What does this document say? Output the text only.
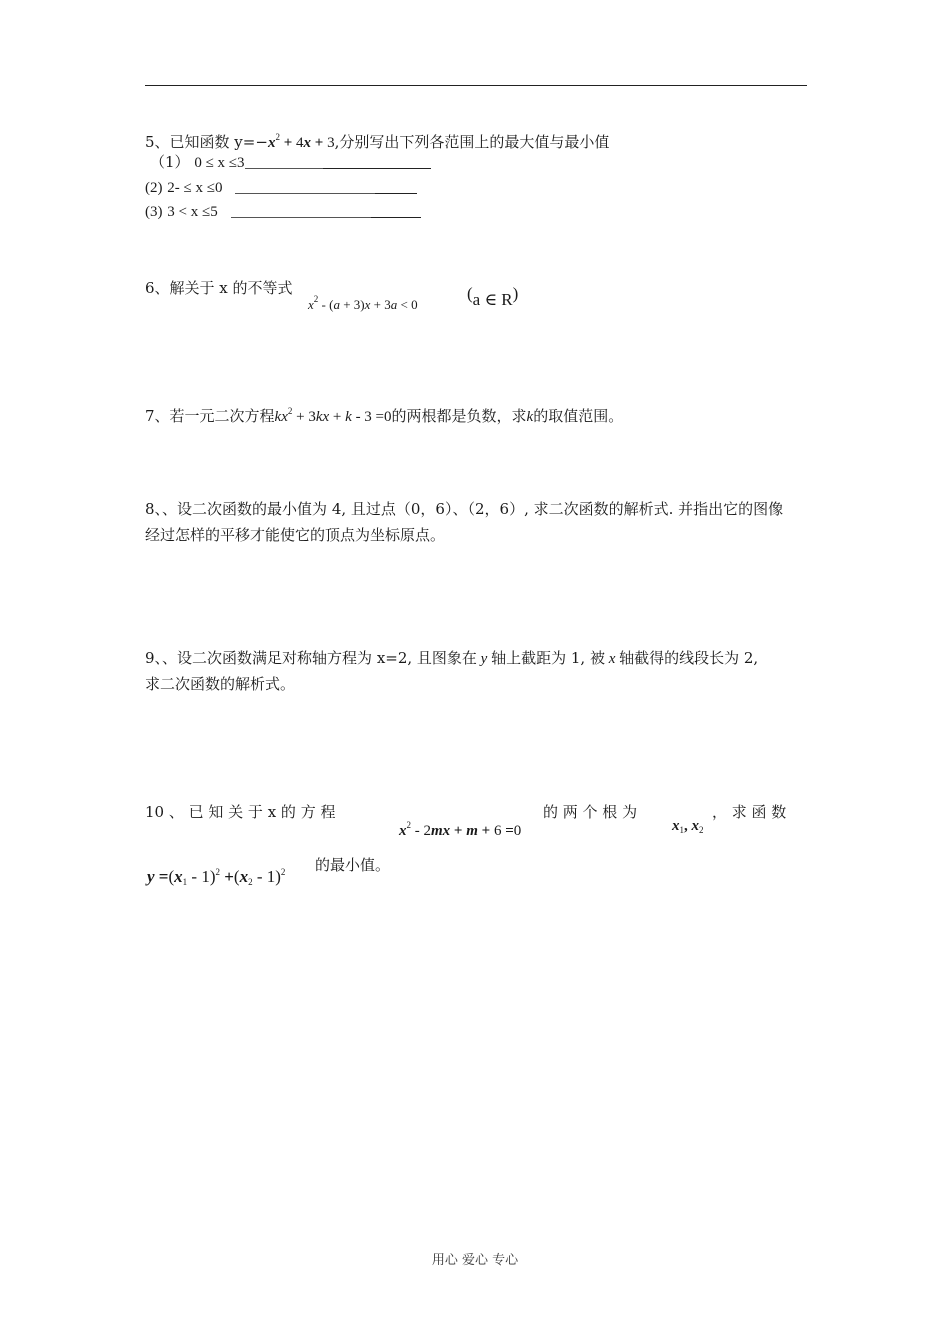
5、已知函数 $y=-x^2 + 4x + 3$,分别写出下列各范围上的最大值与最小值
（1） 0 ≤ x ≤3
(2) 2- ≤ x ≤0
(3) 3 < x ≤5
6、解关于 x 的不等式
$x^2 - (a + 3)x + 3a < 0$
(a ∈ R)
7、若一元二次方程$kx^2 + 3kx + k - 3 =0$的两根都是负数，求k的取值范围。
8、、设二次函数的最小值为 4, 且过点（0，6）、（2，6）, 求二次函数的解析式. 并指出它的图像
经过怎样的平移才能使它的顶点为坐标原点。
9、、设二次函数满足对称轴方程为 x=2, 且图象在 y 轴上截距为 1, 被 x 轴截得的线段长为 2,
求二次函数的解析式。
10 、 已 知 关 于 x 的 方 程
$x^2 - 2mx + m + 6 =0$
的 两 个 根 为
$x_1$, $x_2$
， 求 函 数
$y =(x_1 - 1)^2 +(x_2 - 1)^2$ 的最小值。
用心 爱心 专心
